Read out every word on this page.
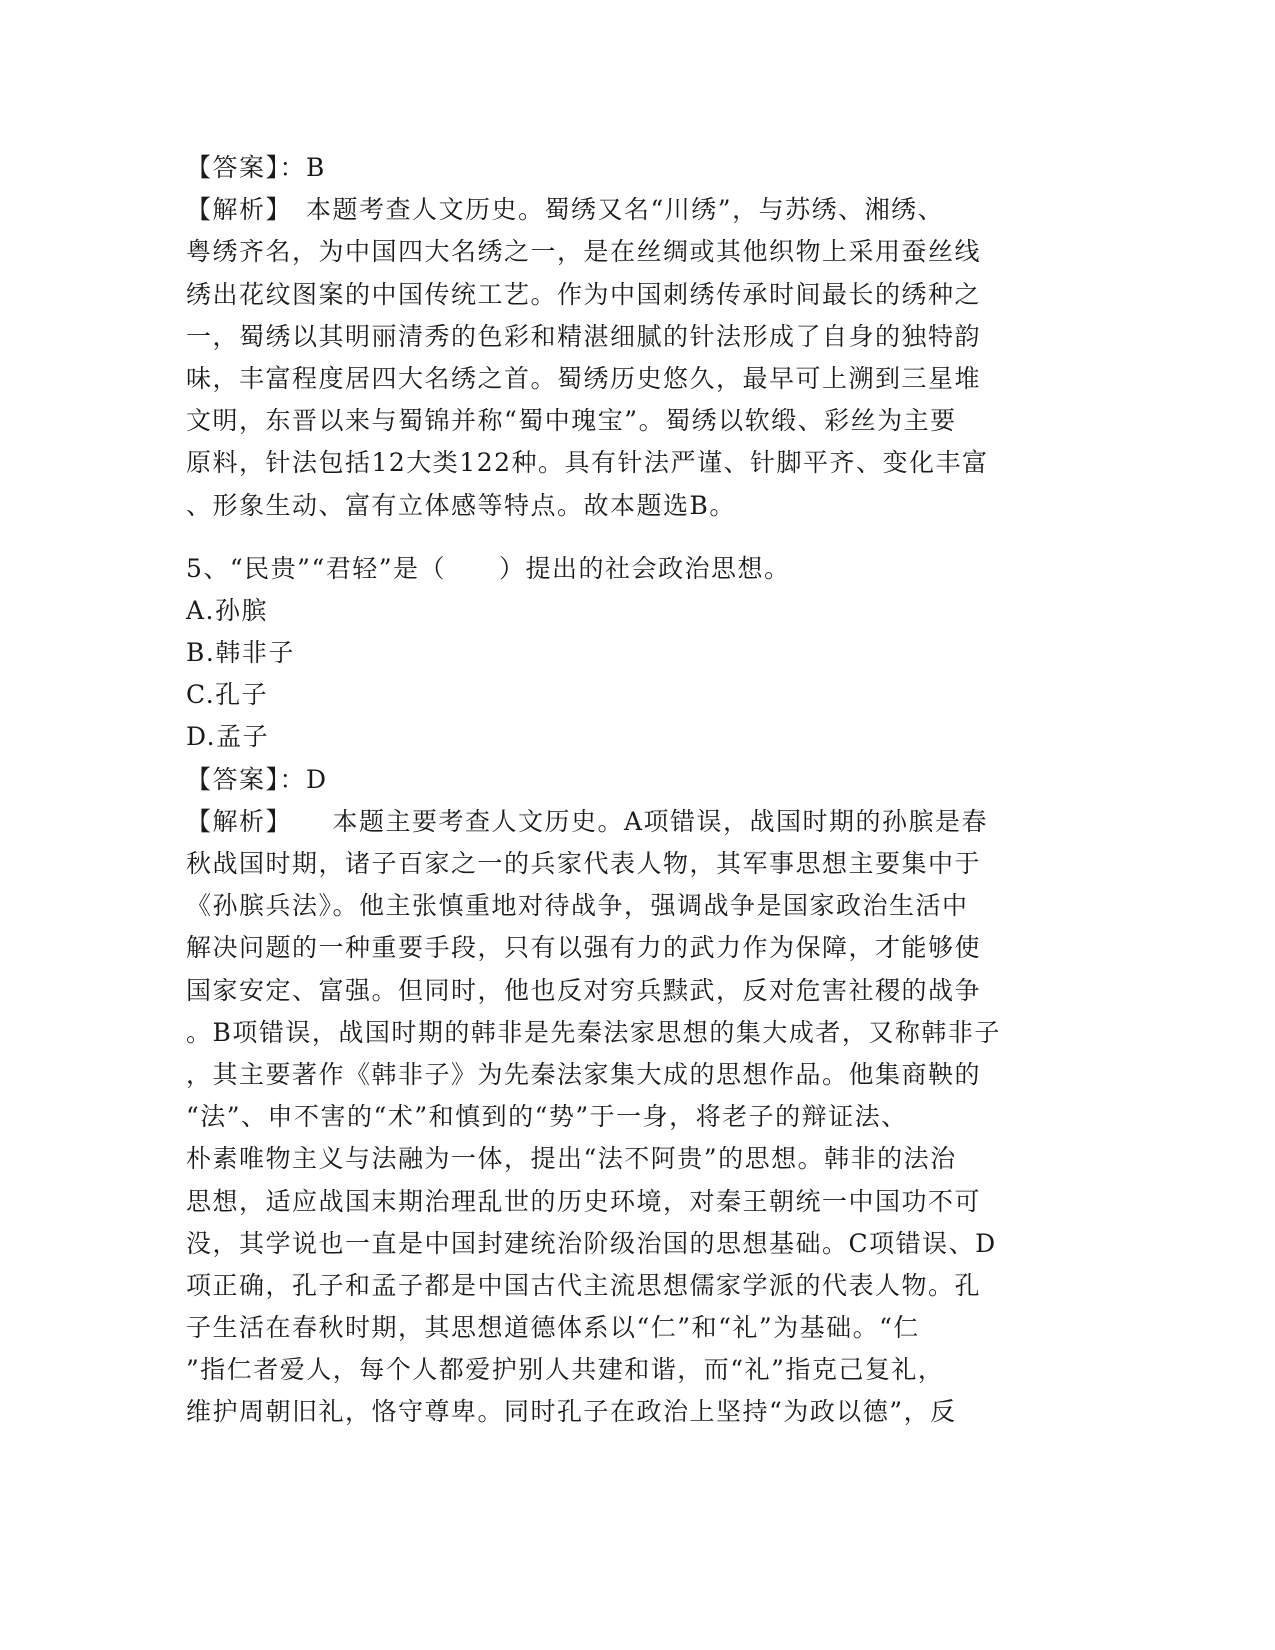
【答案】：B
【解析】　本题考查人文历史。蜀绣又名“川绣”，与苏绣、湘绣、
粤绣齐名，为中国四大名绣之一，是在丝绸或其他织物上采用蚕丝线
绣出花纹图案的中国传统工艺。作为中国刺绣传承时间最长的绣种之
一，蜀绣以其明丽清秀的色彩和精湛细腻的针法形成了自身的独特韵
味，丰富程度居四大名绣之首。蜀绣历史悠久，最早可上溯到三星堆
文明，东晋以来与蜀锦并称“蜀中瑰宝”。蜀绣以软缎、彩丝为主要
原料，针法包括12大类122种。具有针法严谨、针脚平齐、变化丰富
、形象生动、富有立体感等特点。故本题选B。
5、“民贵”“君轻”是（　　）提出的社会政治思想。
A.孙膑
B.韩非子
C.孔子
D.孟子
【答案】：D
【解析】　　本题主要考查人文历史。A项错误，战国时期的孙膑是春
秋战国时期，诸子百家之一的兵家代表人物，其军事思想主要集中于
《孙膑兵法》。他主张慎重地对待战争，强调战争是国家政治生活中
解决问题的一种重要手段，只有以强有力的武力作为保障，才能够使
国家安定、富强。但同时，他也反对穷兵黩武，反对危害社稷的战争
。B项错误，战国时期的韩非是先秦法家思想的集大成者，又称韩非子
，其主要著作《韩非子》为先秦法家集大成的思想作品。他集商鞅的
“法”、申不害的“术”和慎到的“势”于一身，将老子的辩证法、
朴素唯物主义与法融为一体，提出“法不阿贵”的思想。韩非的法治
思想，适应战国末期治理乱世的历史环境，对秦王朝统一中国功不可
没，其学说也一直是中国封建统治阶级治国的思想基础。C项错误、D
项正确，孔子和孟子都是中国古代主流思想儒家学派的代表人物。孔
子生活在春秋时期，其思想道德体系以“仁”和“礼”为基础。“仁
”指仁者爱人，每个人都爱护别人共建和谐，而“礼”指克己复礼，
维护周朝旧礼，恪守尊卑。同时孔子在政治上坚持“为政以德”，反
